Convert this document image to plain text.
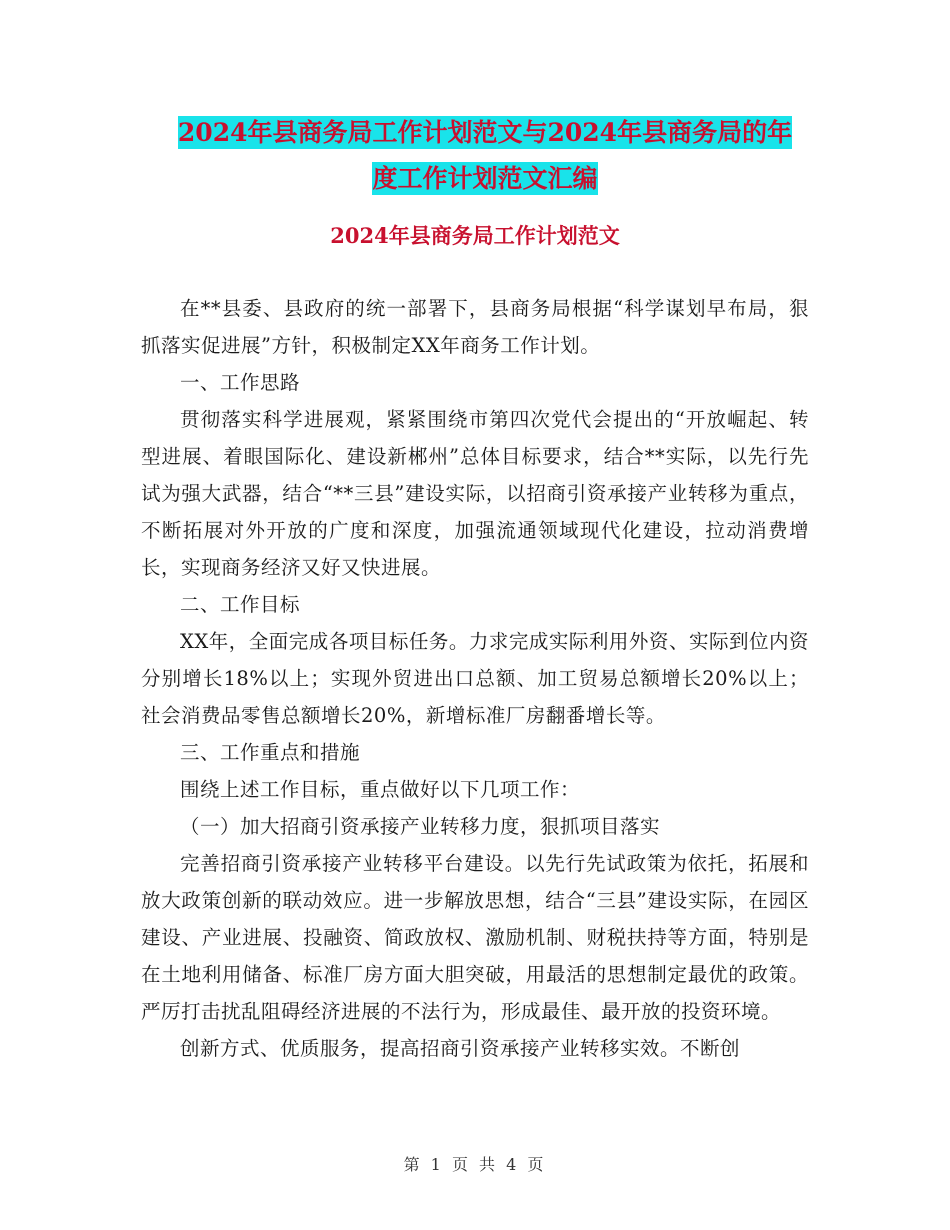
2024年县商务局工作计划范文与2024年县商务局的年
度工作计划范文汇编
2024年县商务局工作计划范文

在**县委、县政府的统一部署下，县商务局根据“科学谋划早布局，狠抓落实促进展”方针，积极制定XX年商务工作计划。

一、工作思路

贯彻落实科学进展观，紧紧围绕市第四次党代会提出的“开放崛起、转型进展、着眼国际化、建设新郴州”总体目标要求，结合**实际，以先行先试为强大武器，结合“**三县”建设实际，以招商引资承接产业转移为重点，不断拓展对外开放的广度和深度，加强流通领域现代化建设，拉动消费增长，实现商务经济又好又快进展。

二、工作目标

XX年，全面完成各项目标任务。力求完成实际利用外资、实际到位内资分别增长18%以上；实现外贸进出口总额、加工贸易总额增长20%以上；社会消费品零售总额增长20%，新增标准厂房翻番增长等。

三、工作重点和措施

围绕上述工作目标，重点做好以下几项工作：

（一）加大招商引资承接产业转移力度，狠抓项目落实

完善招商引资承接产业转移平台建设。以先行先试政策为依托，拓展和放大政策创新的联动效应。进一步解放思想，结合“三县”建设实际，在园区建设、产业进展、投融资、简政放权、激励机制、财税扶持等方面，特别是在土地利用储备、标准厂房方面大胆突破，用最活的思想制定最优的政策。严厉打击扰乱阻碍经济进展的不法行为，形成最佳、最开放的投资环境。

创新方式、优质服务，提高招商引资承接产业转移实效。不断创

第 1 页 共 4 页
